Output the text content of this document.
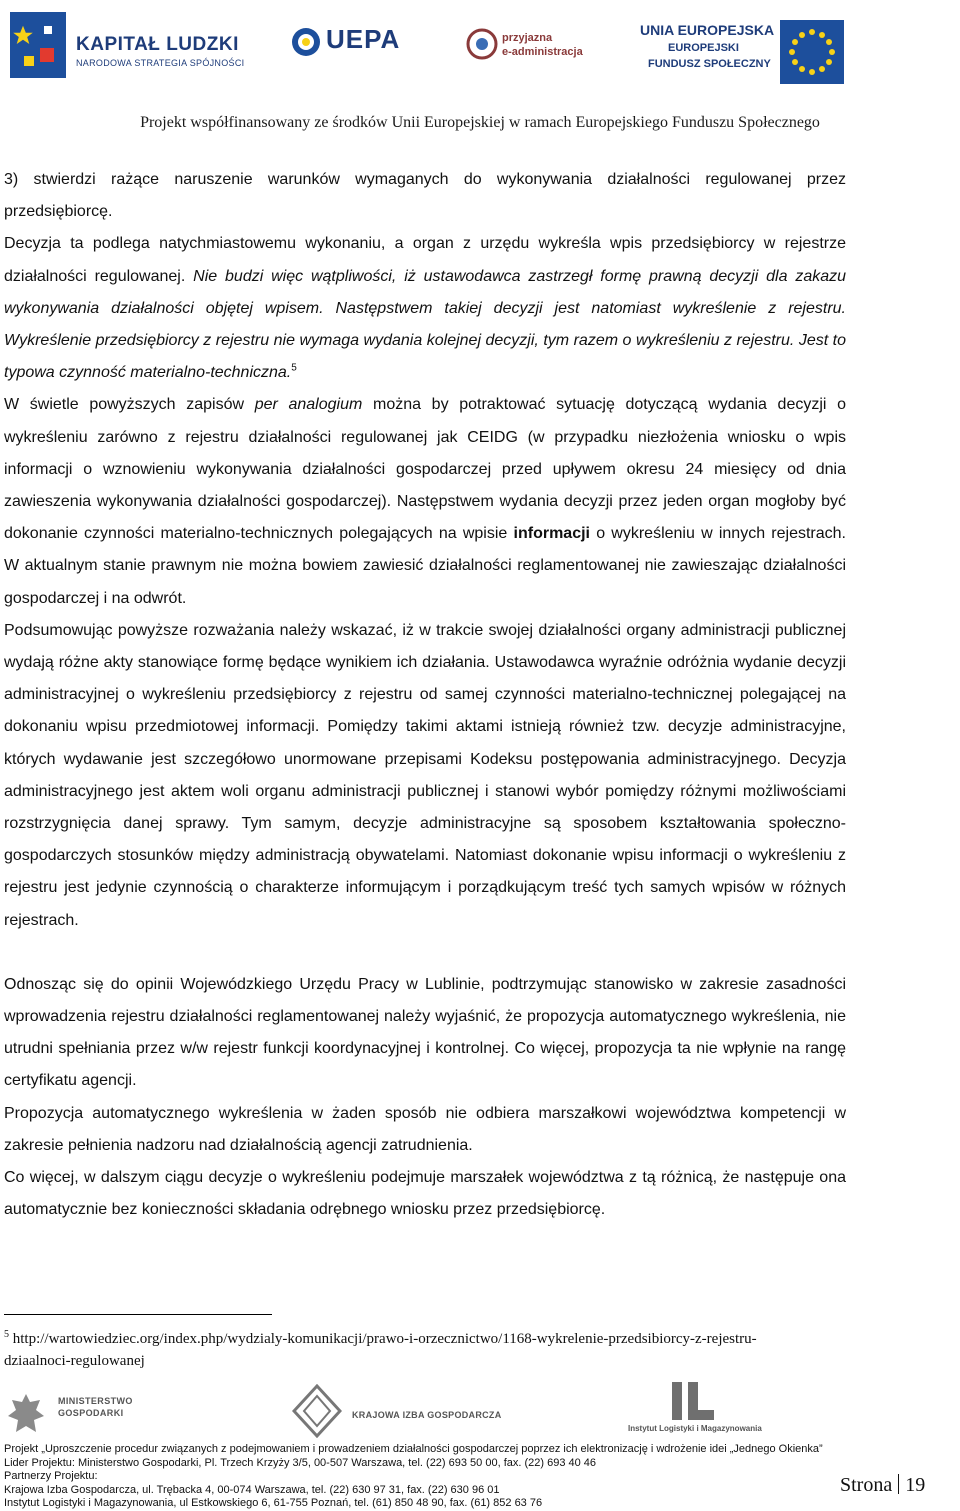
KAPITAŁ LUDZKI
NARODOWA STRATEGIA SPÓJNOŚCI
UEPA	przyjazna
e-administracja
UNIA EUROPEJSKA
EUROPEJSKI
FUNDUSZ SPOŁECZNY
Projekt współfinansowany ze środków Unii Europejskiej w ramach Europejskiego Funduszu Społecznego

3) stwierdzi rażące naruszenie warunków wymaganych do wykonywania działalności regulowanej przez przedsiębiorcę.

Decyzja ta podlega natychmiastowemu wykonaniu, a organ z urzędu wykreśla wpis przedsiębiorcy w rejestrze działalności regulowanej. Nie budzi więc wątpliwości, iż ustawodawca zastrzegł formę prawną decyzji dla zakazu wykonywania działalności objętej wpisem. Następstwem takiej decyzji jest natomiast wykreślenie z rejestru. Wykreślenie przedsiębiorcy z rejestru nie wymaga wydania kolejnej decyzji, tym razem o wykreśleniu z rejestru. Jest to typowa czynność materialno-techniczna.$^5$

W świetle powyższych zapisów per analogium można by potraktować sytuację dotyczącą wydania decyzji o wykreśleniu zarówno z rejestru działalności regulowanej jak CEIDG (w przypadku niezłożenia wniosku o wpis informacji o wznowieniu wykonywania działalności gospodarczej przed upływem okresu 24 miesięcy od dnia zawieszenia wykonywania działalności gospodarczej). Następstwem wydania decyzji przez jeden organ mogłoby być dokonanie czynności materialno-technicznych polegających na wpisie informacji o wykreśleniu w innych rejestrach. W aktualnym stanie prawnym nie można bowiem zawiesić działalności reglamentowanej nie zawieszając działalności gospodarczej i na odwrót.

Podsumowując powyższe rozważania należy wskazać, iż w trakcie swojej działalności organy administracji publicznej wydają różne akty stanowiące formę będące wynikiem ich działania. Ustawodawca wyraźnie odróżnia wydanie decyzji administracyjnej o wykreśleniu przedsiębiorcy z rejestru od samej czynności materialno-technicznej polegającej na dokonaniu wpisu przedmiotowej informacji. Pomiędzy takimi aktami istnieją również tzw. decyzje administracyjne, których wydawanie jest szczegółowo unormowane przepisami Kodeksu postępowania administracyjnego. Decyzja administracyjnego jest aktem woli organu administracji publicznej i stanowi wybór pomiędzy różnymi możliwościami rozstrzygnięcia danej sprawy. Tym samym, decyzje administracyjne są sposobem kształtowania społeczno-gospodarczych stosunków między administracją obywatelami. Natomiast dokonanie wpisu informacji o wykreśleniu z rejestru jest jedynie czynnością o charakterze informującym i porządkującym treść tych samych wpisów w różnych rejestrach.

Odnosząc się do opinii Wojewódzkiego Urzędu Pracy w Lublinie, podtrzymując stanowisko w zakresie zasadności wprowadzenia rejestru działalności reglamentowanej należy wyjaśnić, że propozycja automatycznego wykreślenia, nie utrudni spełniania przez w/w rejestr funkcji koordynacyjnej i kontrolnej. Co więcej, propozycja ta nie wpłynie na rangę certyfikatu agencji.

Propozycja automatycznego wykreślenia w żaden sposób nie odbiera marszałkowi województwa kompetencji w zakresie pełnienia nadzoru nad działalnością agencji zatrudnienia.

Co więcej, w dalszym ciągu decyzje o wykreśleniu podejmuje marszałek województwa z tą różnicą, że następuje ona automatycznie bez konieczności składania odrębnego wniosku przez przedsiębiorcę.

$^5$ http://wartowiedziec.org/index.php/wydzialy-komunikacji/prawo-i-orzecznictwo/1168-wykrelenie-przedsibiorcy-z-rejestru-dziaalnoci-regulowanej
MINISTERSTWO
GOSPODARKI	KRAJOWA IZBA GOSPODARCZA
Instytut Logistyki i Magazynowania
Projekt „Uproszczenie procedur związanych z podejmowaniem i prowadzeniem działalności gospodarczej poprzez ich elektronizację i wdrożenie idei „Jednego Okienka”
Lider Projektu: Ministerstwo Gospodarki, Pl. Trzech Krzyży 3/5, 00-507 Warszawa, tel. (22) 693 50 00, fax. (22) 693 40 46
Partnerzy Projektu:
Krajowa Izba Gospodarcza, ul. Trębacka 4, 00-074 Warszawa, tel. (22) 630 97 31, fax. (22) 630 96 01
Instytut Logistyki i Magazynowania, ul Estkowskiego 6, 61-755 Poznań, tel. (61) 850 48 90, fax. (61) 852 63 76
Strona 19
